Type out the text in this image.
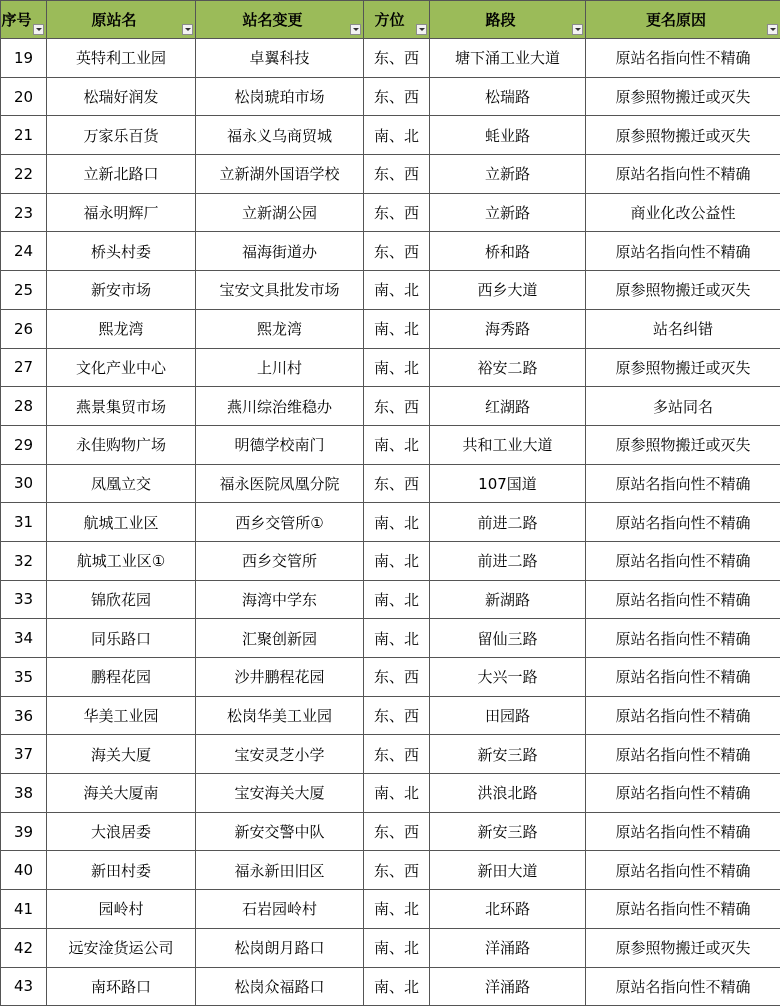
序号	原站名	站名变更	方位	路段	更名原因

19	英特利工业园	卓翼科技	东、西	塘下涌工业大道	原站名指向性不精确
20	松瑞好润发	松岗琥珀市场	东、西	松瑞路	原参照物搬迁或灭失
21	万家乐百货	福永义乌商贸城	南、北	蚝业路	原参照物搬迁或灭失
22	立新北路口	立新湖外国语学校	东、西	立新路	原站名指向性不精确
23	福永明辉厂	立新湖公园	东、西	立新路	商业化改公益性
24	桥头村委	福海街道办	东、西	桥和路	原站名指向性不精确
25	新安市场	宝安文具批发市场	南、北	西乡大道	原参照物搬迁或灭失
26	熙龙湾	熙龙湾	南、北	海秀路	站名纠错
27	文化产业中心	上川村	南、北	裕安二路	原参照物搬迁或灭失
28	燕景集贸市场	燕川综治维稳办	东、西	红湖路	多站同名
29	永佳购物广场	明德学校南门	南、北	共和工业大道	原参照物搬迁或灭失
30	凤凰立交	福永医院凤凰分院	东、西	107国道	原站名指向性不精确
31	航城工业区	西乡交管所①	南、北	前进二路	原站名指向性不精确
32	航城工业区①	西乡交管所	南、北	前进二路	原站名指向性不精确
33	锦欣花园	海湾中学东	南、北	新湖路	原站名指向性不精确
34	同乐路口	汇聚创新园	南、北	留仙三路	原站名指向性不精确
35	鹏程花园	沙井鹏程花园	东、西	大兴一路	原站名指向性不精确
36	华美工业园	松岗华美工业园	东、西	田园路	原站名指向性不精确
37	海关大厦	宝安灵芝小学	东、西	新安三路	原站名指向性不精确
38	海关大厦南	宝安海关大厦	南、北	洪浪北路	原站名指向性不精确
39	大浪居委	新安交警中队	东、西	新安三路	原站名指向性不精确
40	新田村委	福永新田旧区	东、西	新田大道	原站名指向性不精确
41	园岭村	石岩园岭村	南、北	北环路	原站名指向性不精确
42	远安淦货运公司	松岗朗月路口	南、北	洋涌路	原参照物搬迁或灭失
43	南环路口	松岗众福路口	南、北	洋涌路	原站名指向性不精确
